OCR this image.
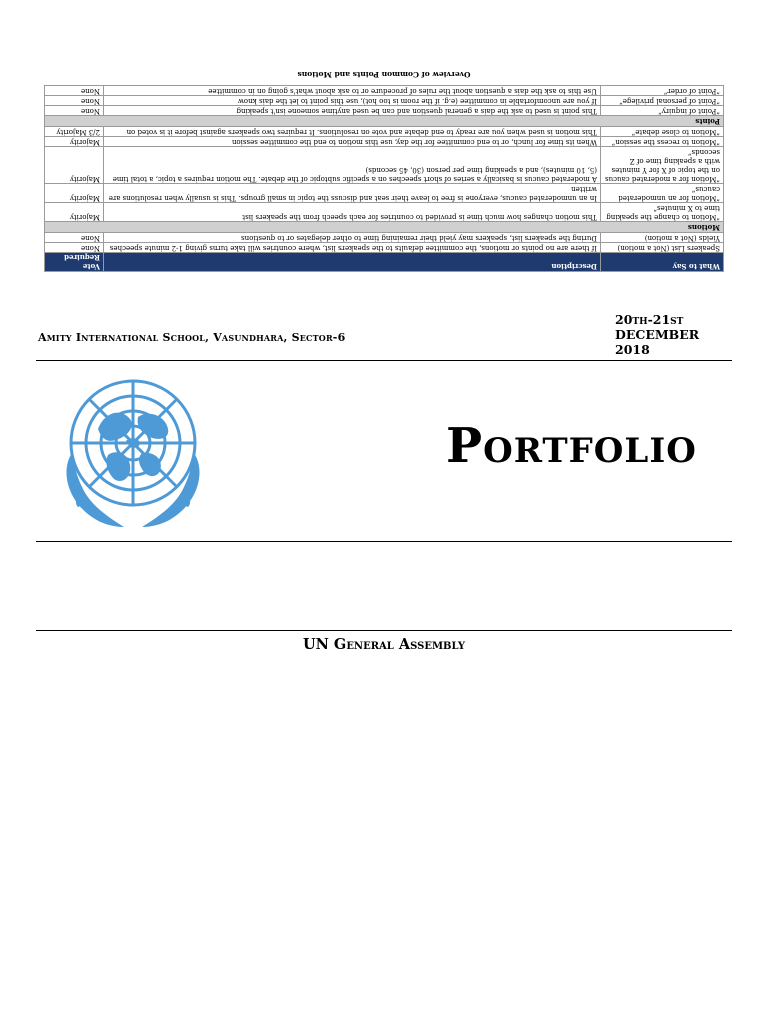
What to Say	Description	Vote Required
Speakers List (Not a motion)	If there are no points or motions, the committee defaults to the speakers list, where countries will take turns giving 1-2 minute speeches	None
Yields (Not a motion)	During the speakers list, speakers may yield their remaining time to other delegates or to questions	None
Motions		
“Motion to change the speaking time to X minutes”	This motion changes how much time is provided to countries for each speech from the speakers list	Majority
“Motion for an unmoderated caucus”	In an unmoderated caucus, everyone is free to leave their seat and discuss the topic in small groups. This is usually when resolutions are written	Majority
“Motion for a moderated caucus on the topic of X for Y minutes with a speaking time of Z seconds”	A moderated caucus is basically a series of short speeches on a specific subtopic of the debate. The motion requires a topic, a total time (5, 10 minutes), and a speaking time per person (30, 45 seconds)	Majority
“Motion to recess the session”	When its time for lunch, or to end committee for the day, use this motion to end the committee session	Majority
“Motion to close debate”	This motion is used when you are ready to end debate and vote on resolutions. It requires two speakers against before it is voted on	2/3 Majority
Points		
“Point of inquiry”	This point is used to ask the dais a general question and can be used anytime someone isn't speaking	None
“Point of personal privilege”	If you are uncomfortable in committee (e.g. if the room is too hot), use this point to let the dais know	None
“Point of order”	Use this to ask the dais a question about the rules of procedure or to ask about what's going on in committee	None
Overview of Common Points and Motions
Amity International School, Vasundhara, Sector-6
20th-21st
DECEMBER
2018
Portfolio
UN General Assembly
